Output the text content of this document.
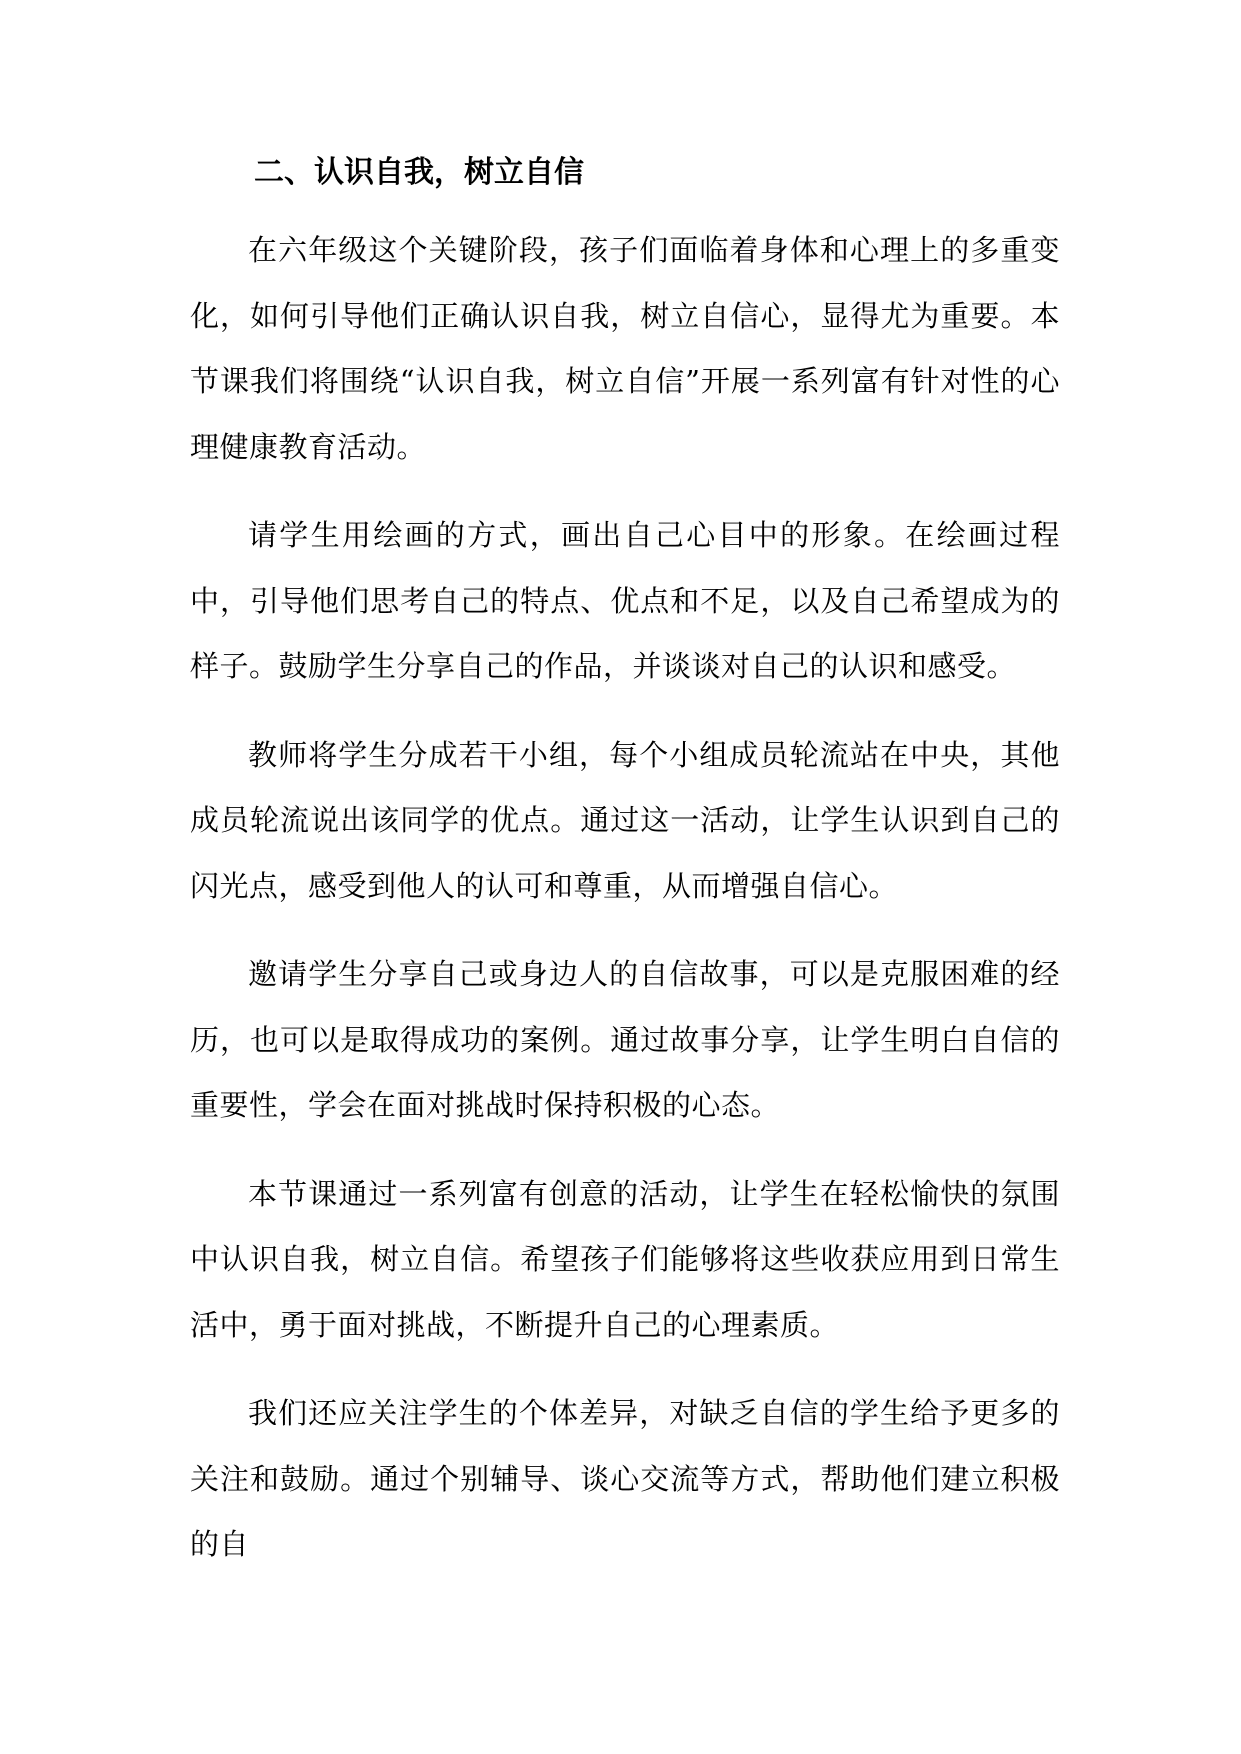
二、认识自我，树立自信

在六年级这个关键阶段，孩子们面临着身体和心理上的多重变化，如何引导他们正确认识自我，树立自信心，显得尤为重要。本节课我们将围绕“认识自我，树立自信”开展一系列富有针对性的心理健康教育活动。

请学生用绘画的方式，画出自己心目中的形象。在绘画过程中，引导他们思考自己的特点、优点和不足，以及自己希望成为的样子。鼓励学生分享自己的作品，并谈谈对自己的认识和感受。

教师将学生分成若干小组，每个小组成员轮流站在中央，其他成员轮流说出该同学的优点。通过这一活动，让学生认识到自己的闪光点，感受到他人的认可和尊重，从而增强自信心。

邀请学生分享自己或身边人的自信故事，可以是克服困难的经历，也可以是取得成功的案例。通过故事分享，让学生明白自信的重要性，学会在面对挑战时保持积极的心态。

本节课通过一系列富有创意的活动，让学生在轻松愉快的氛围中认识自我，树立自信。希望孩子们能够将这些收获应用到日常生活中，勇于面对挑战，不断提升自己的心理素质。

我们还应关注学生的个体差异，对缺乏自信的学生给予更多的关注和鼓励。通过个别辅导、谈心交流等方式，帮助他们建立积极的自
